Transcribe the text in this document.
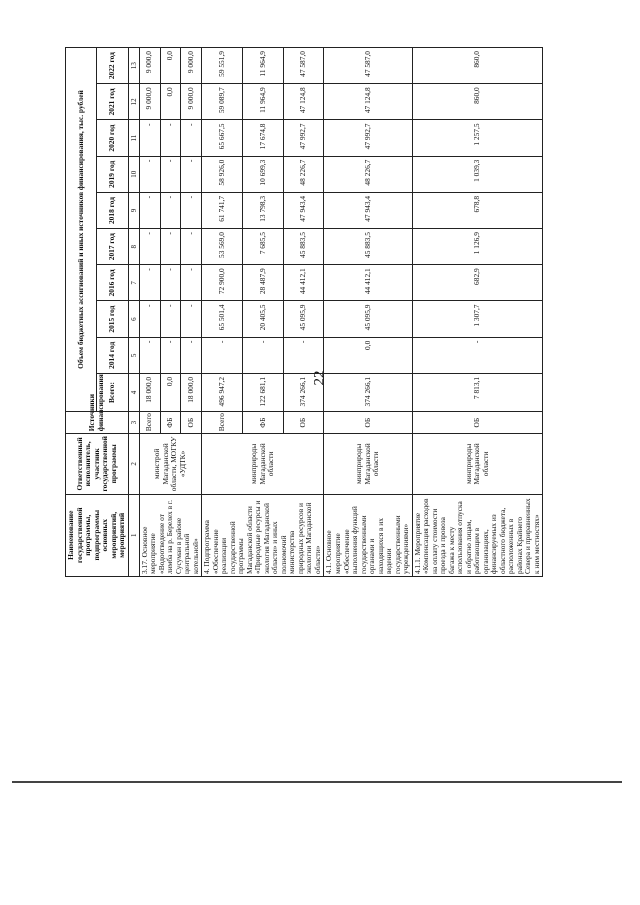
22
Наименование государственной программы, подпрограммы основных мероприятий, мероприятий	Ответственный исполнитель, участник государственной программы	Источники финансирования	Объем бюджетных ассигнований и иных источников финансирования, тыс. рублей									
			Всего:	2014 год	2015 год	2016 год	2017 год	2018 год	2019 год	2020 год	2021 год	2022 год
1	2	3	4	5	6	7	8	9	10	11	12	13
3.17. Основное мероприятие «Водоотведение от лимба на р. Берелех в г. Сусуман в районе центральной котельной»	минстрой Магаданской области, МОГКУ «УДТК»	Всего	18 000,0	-	-	-	-	-	-	-	9 000,0	9 000,0
		ФБ	0,0	-	-	-	-	-	-	-	0,0	0,0
		ОБ	18 000,0	-	-	-	-	-	-	-	9 000,0	9 000,0
4. Подпрограмма «Обеспечение реализации государственной программы Магаданской области «Природные ресурсы и экология Магаданской области» и иных полномочий министерства природных ресурсов и экологии Магаданской области»	минприроды Магаданской области	Всего	496 947,2	-	65 501,4	72 900,0	53 569,0	61 741,7	58 926,0	65 667,5	59 089,7	59 551,9
		ФБ	122 681,1	-	20 405,5	28 487,9	7 685,5	13 798,3	10 699,3	17 674,8	11 964,9	11 964,9
		ОБ	374 266,1	-	45 095,9	44 412,1	45 883,5	47 943,4	48 226,7	47 992,7	47 124,8	47 587,0
4.1. Основное мероприятие «Обеспечение выполнения функций государственными органами и находящихся в их ведении государственными учреждениями»	минприроды Магаданской области	ОБ	374 266,1	0,0	45 095,9	44 412,1	45 883,5	47 943,4	48 226,7	47 992,7	47 124,8	47 587,0
4.1.1. Мероприятие «Компенсация расходов на оплату стоимости проезда и провоза багажа к месту использования отпуска и обратно лицам, работающим в организациях, финансируемых из областного бюджета, расположенных в районах Крайнего Севера и приравненных к ним местностях»	минприроды Магаданской области	ОБ	7 813,1	-	1 307,7	682,9	1 126,9	678,8	1 039,3	1 257,5	860,0	860,0
